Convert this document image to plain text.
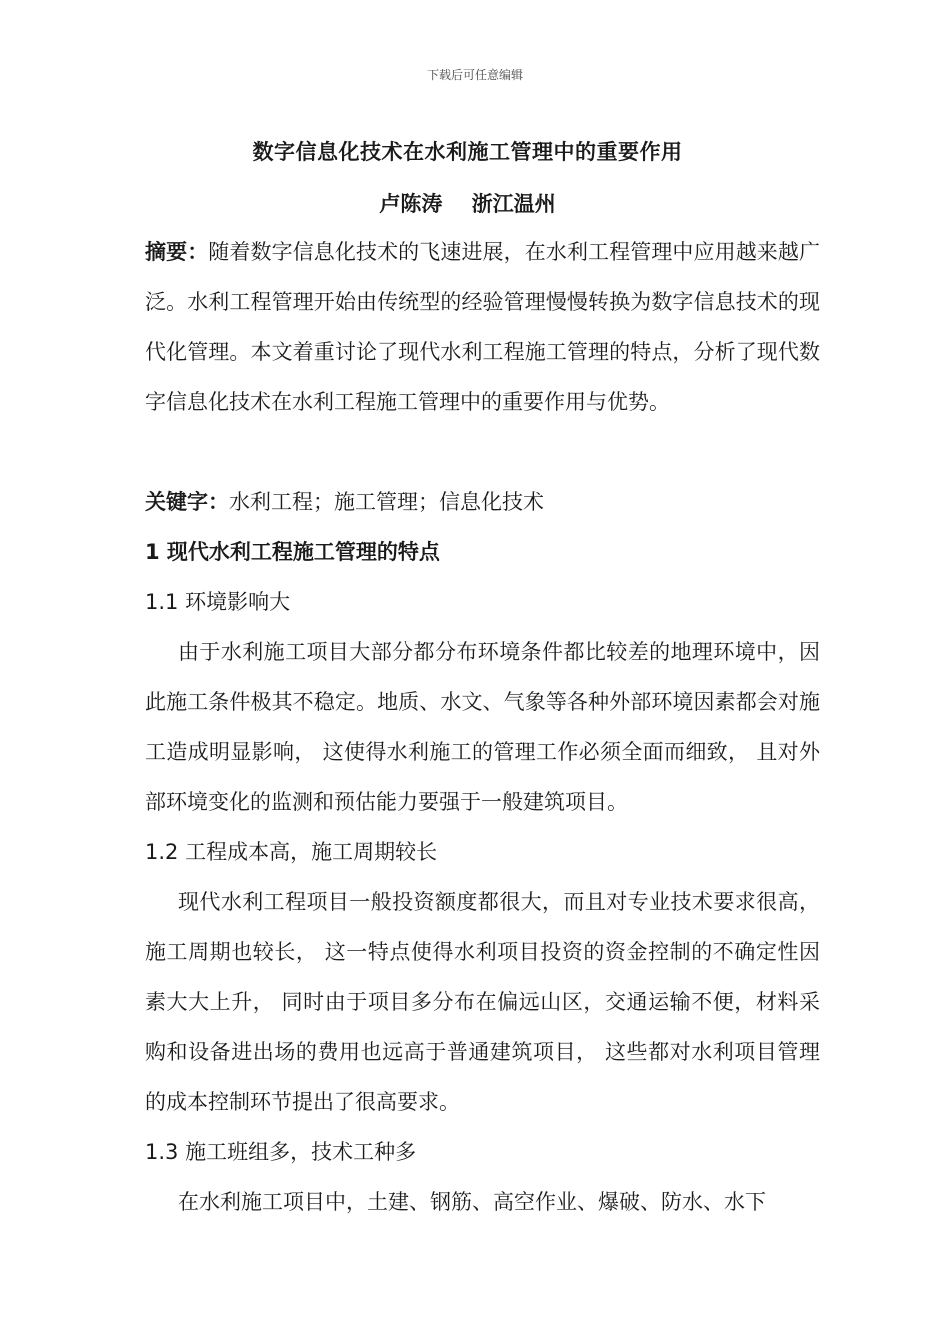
下载后可任意编辑
数字信息化技术在水利施工管理中的重要作用
卢陈涛    浙江温州
摘要：随着数字信息化技术的飞速进展，在水利工程管理中应用越来越广泛。水利工程管理开始由传统型的经验管理慢慢转换为数字信息技术的现代化管理。本文着重讨论了现代水利工程施工管理的特点，分析了现代数字信息化技术在水利工程施工管理中的重要作用与优势。
关键字：水利工程；施工管理；信息化技术
1 现代水利工程施工管理的特点
1.1 环境影响大
由于水利施工项目大部分都分布环境条件都比较差的地理环境中，因此施工条件极其不稳定。地质、水文、气象等各种外部环境因素都会对施工造成明显影响， 这使得水利施工的管理工作必须全面而细致， 且对外部环境变化的监测和预估能力要强于一般建筑项目。
1.2 工程成本高，施工周期较长
现代水利工程项目一般投资额度都很大，而且对专业技术要求很高，施工周期也较长， 这一特点使得水利项目投资的资金控制的不确定性因素大大上升， 同时由于项目多分布在偏远山区，交通运输不便，材料采购和设备进出场的费用也远高于普通建筑项目， 这些都对水利项目管理的成本控制环节提出了很高要求。
1.3 施工班组多，技术工种多
在水利施工项目中，土建、钢筋、高空作业、爆破、防水、水下
